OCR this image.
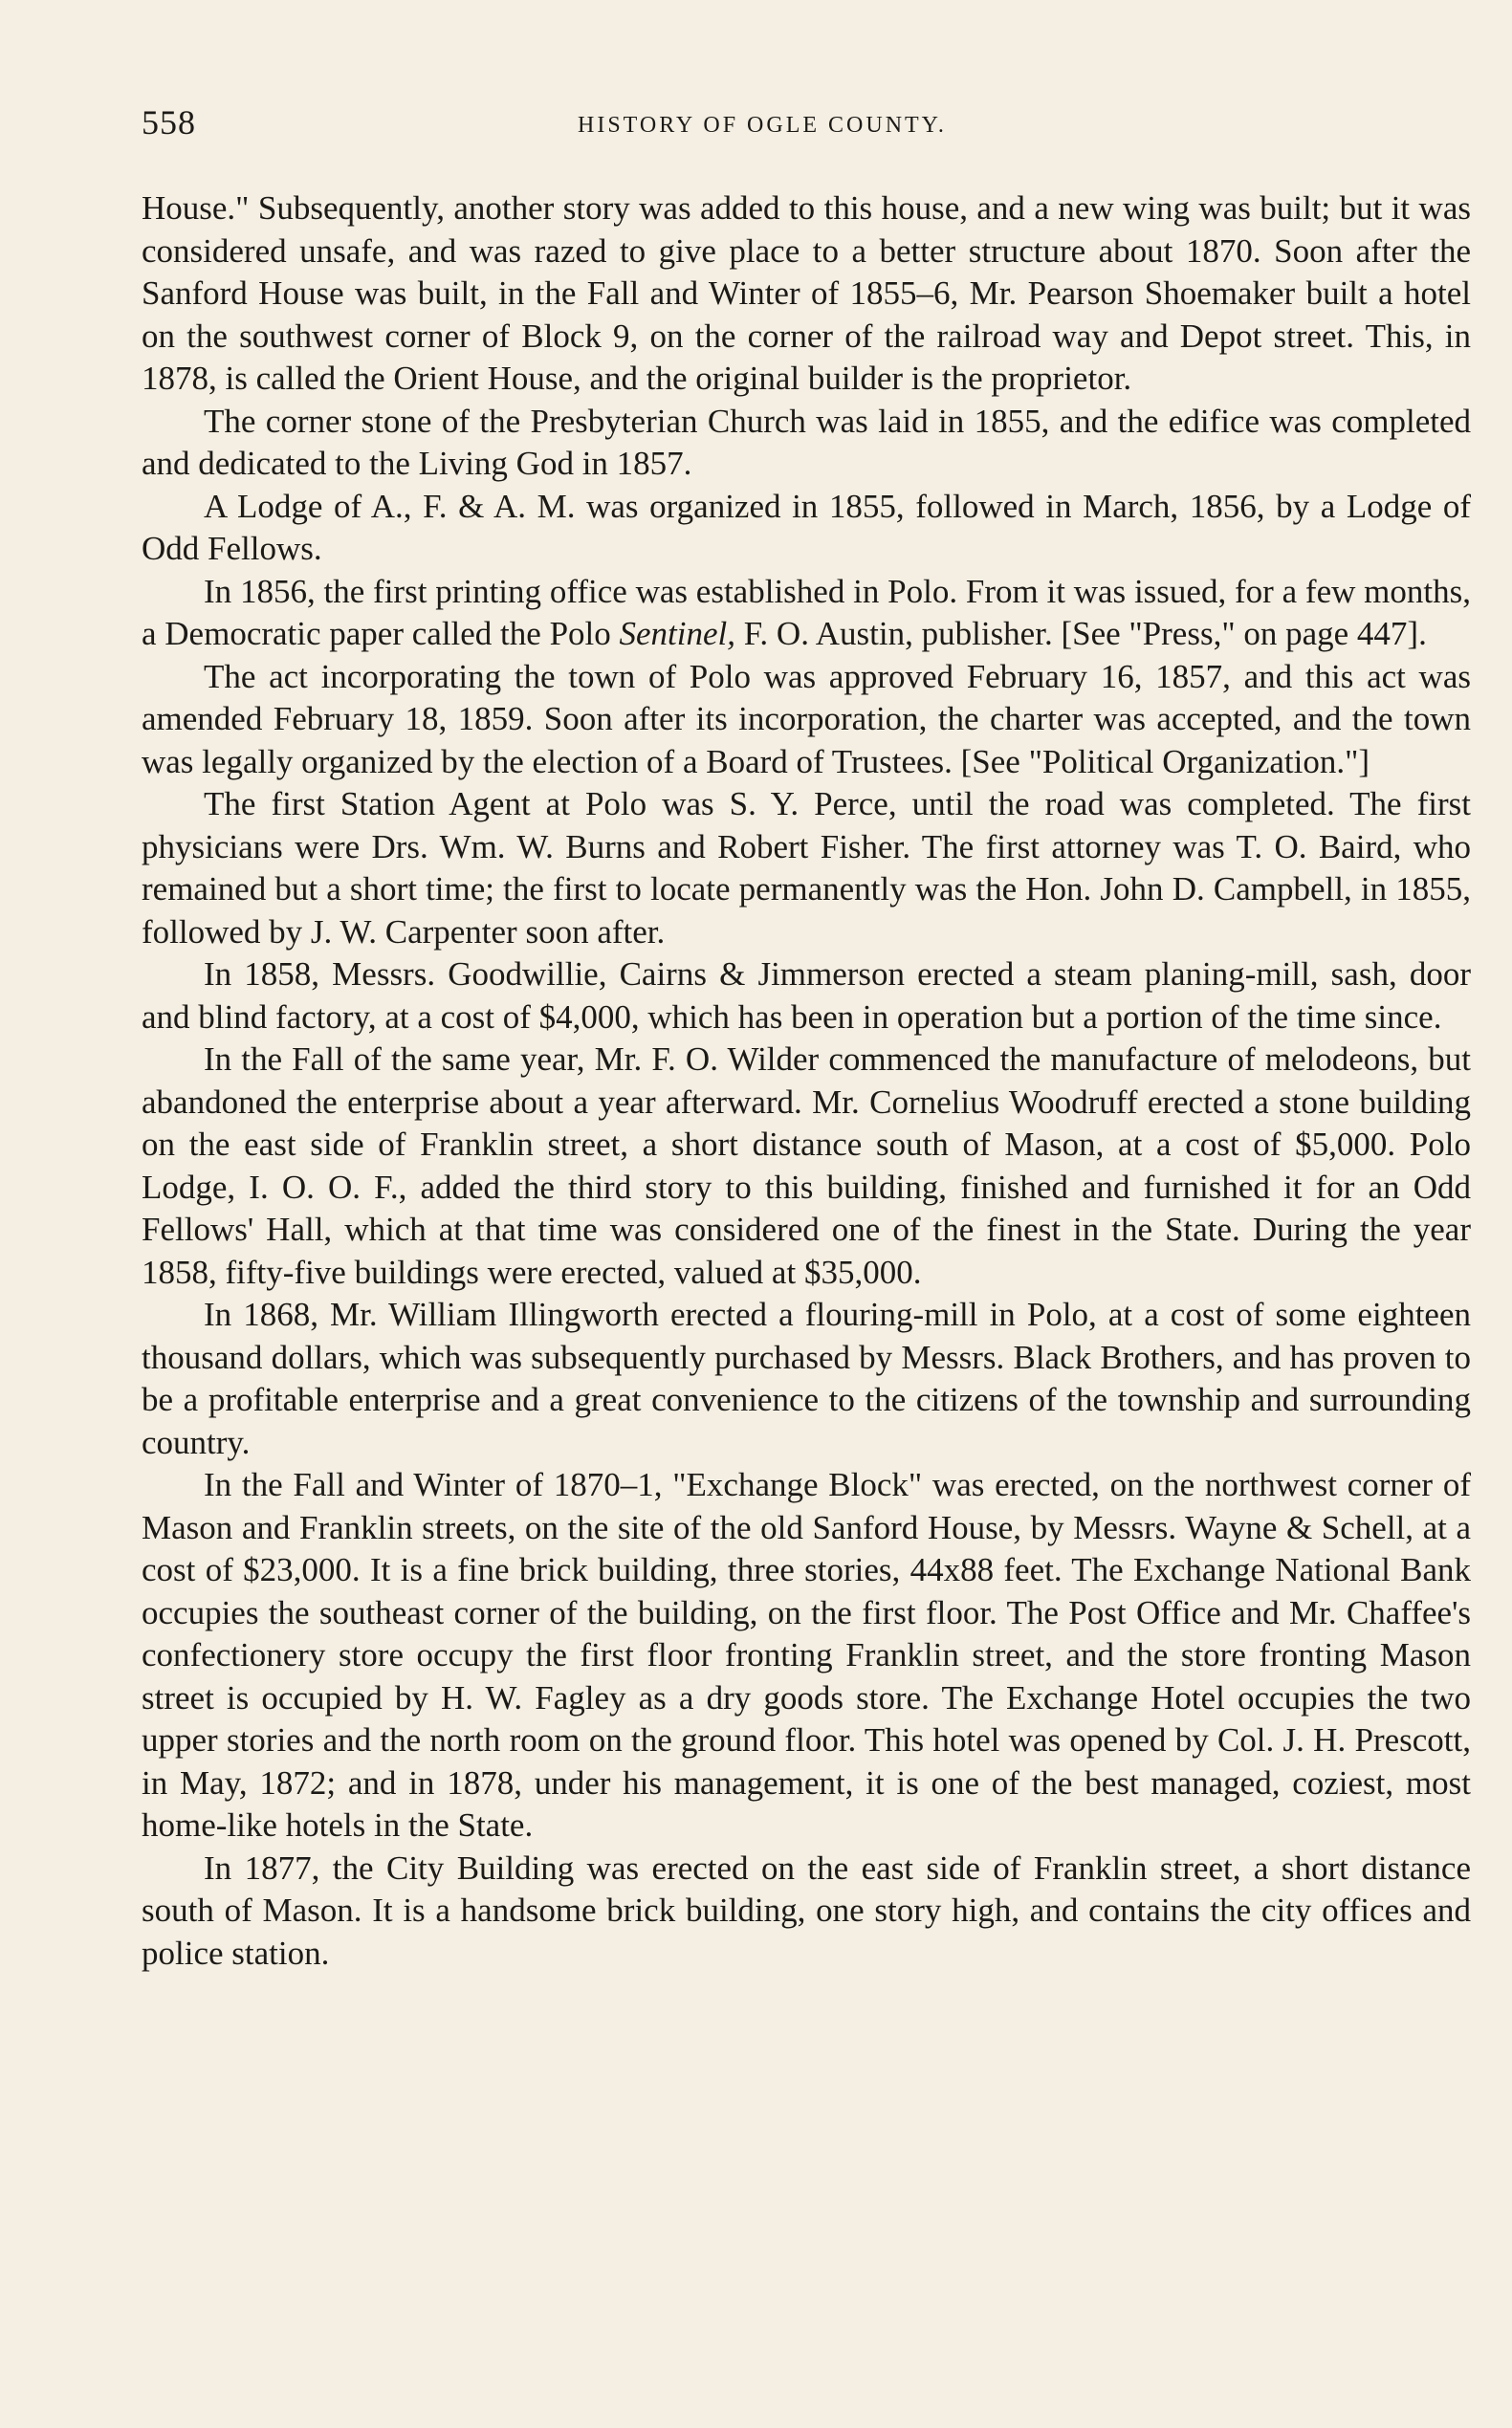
558	HISTORY OF OGLE COUNTY.

House." Subsequently, another story was added to this house, and a new wing was built; but it was considered unsafe, and was razed to give place to a better structure about 1870. Soon after the Sanford House was built, in the Fall and Winter of 1855–6, Mr. Pearson Shoemaker built a hotel on the southwest corner of Block 9, on the corner of the railroad way and Depot street. This, in 1878, is called the Orient House, and the original builder is the proprietor.

The corner stone of the Presbyterian Church was laid in 1855, and the edifice was completed and dedicated to the Living God in 1857.

A Lodge of A., F. & A. M. was organized in 1855, followed in March, 1856, by a Lodge of Odd Fellows.

In 1856, the first printing office was established in Polo. From it was issued, for a few months, a Democratic paper called the Polo Sentinel, F. O. Austin, publisher. [See "Press," on page 447].

The act incorporating the town of Polo was approved February 16, 1857, and this act was amended February 18, 1859. Soon after its incorporation, the charter was accepted, and the town was legally organized by the election of a Board of Trustees. [See "Political Organization."]

The first Station Agent at Polo was S. Y. Perce, until the road was completed. The first physicians were Drs. Wm. W. Burns and Robert Fisher. The first attorney was T. O. Baird, who remained but a short time; the first to locate permanently was the Hon. John D. Campbell, in 1855, followed by J. W. Carpenter soon after.

In 1858, Messrs. Goodwillie, Cairns & Jimmerson erected a steam planing-mill, sash, door and blind factory, at a cost of $4,000, which has been in operation but a portion of the time since.

In the Fall of the same year, Mr. F. O. Wilder commenced the manufacture of melodeons, but abandoned the enterprise about a year afterward. Mr. Cornelius Woodruff erected a stone building on the east side of Franklin street, a short distance south of Mason, at a cost of $5,000. Polo Lodge, I. O. O. F., added the third story to this building, finished and furnished it for an Odd Fellows' Hall, which at that time was considered one of the finest in the State. During the year 1858, fifty-five buildings were erected, valued at $35,000.

In 1868, Mr. William Illingworth erected a flouring-mill in Polo, at a cost of some eighteen thousand dollars, which was subsequently purchased by Messrs. Black Brothers, and has proven to be a profitable enterprise and a great convenience to the citizens of the township and surrounding country.

In the Fall and Winter of 1870–1, "Exchange Block" was erected, on the northwest corner of Mason and Franklin streets, on the site of the old Sanford House, by Messrs. Wayne & Schell, at a cost of $23,000. It is a fine brick building, three stories, 44x88 feet. The Exchange National Bank occupies the southeast corner of the building, on the first floor. The Post Office and Mr. Chaffee's confectionery store occupy the first floor fronting Franklin street, and the store fronting Mason street is occupied by H. W. Fagley as a dry goods store. The Exchange Hotel occupies the two upper stories and the north room on the ground floor. This hotel was opened by Col. J. H. Prescott, in May, 1872; and in 1878, under his management, it is one of the best managed, coziest, most home-like hotels in the State.

In 1877, the City Building was erected on the east side of Franklin street, a short distance south of Mason. It is a handsome brick building, one story high, and contains the city offices and police station.
